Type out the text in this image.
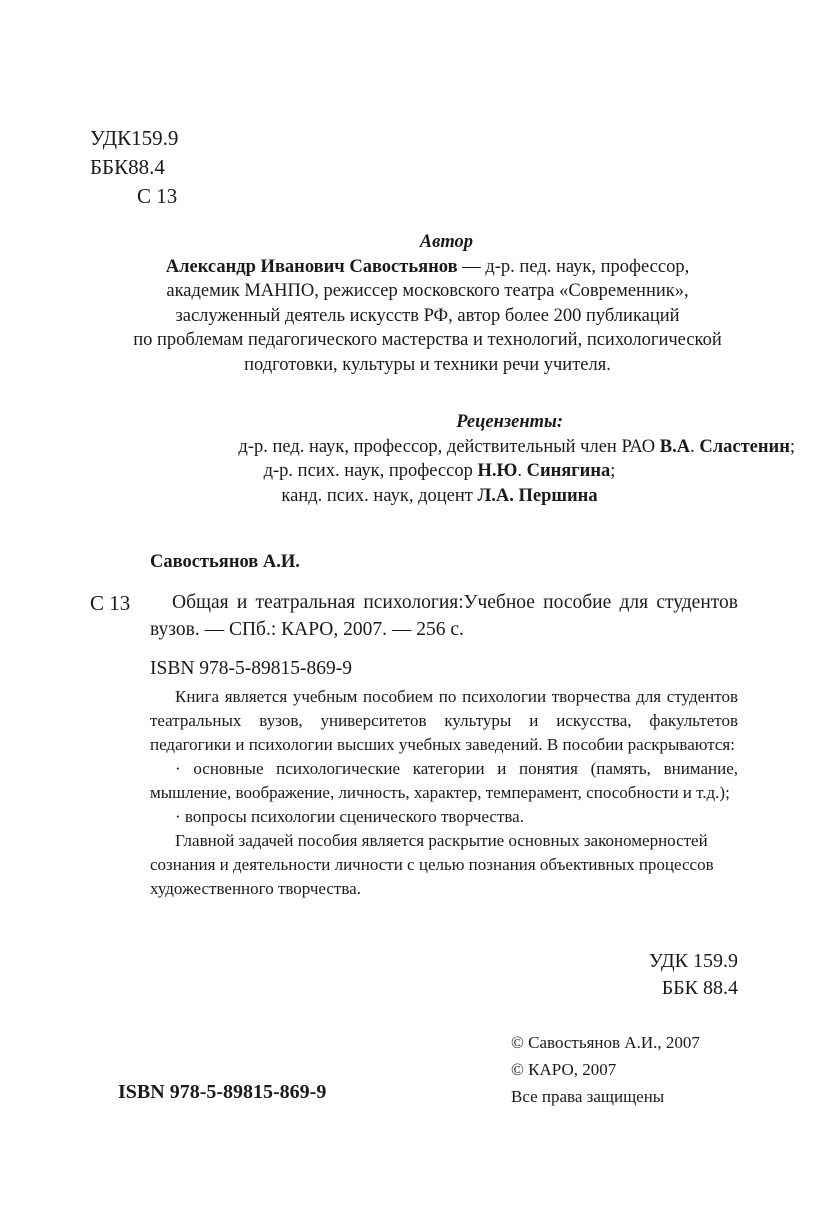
УДК159.9
ББК88.4
С 13
Автор
Александр Иванович Савостьянов — д-р. пед. наук, профессор,
академик МАНПО, режиссер московского театра «Современник»,
заслуженный деятель искусств РФ, автор более 200 публикаций
по проблемам педагогического мастерства и технологий, психологической
подготовки, культуры и техники речи учителя.
Рецензенты:
д-р. пед. наук, профессор, действительный член РАО В.А. Сластенин;
д-р. псих. наук, профессор Н.Ю. Синягина;
канд. псих. наук, доцент Л.А. Першина
Савостьянов А.И.
С 13	Общая и театральная психология:Учебное пособие для студентов вузов. — СПб.: КАРО, 2007. — 256 с.

ISBN 978-5-89815-869-9

Книга является учебным пособием по психологии творчества для студентов театральных вузов, университетов культуры и искусства, факультетов педагогики и психологии высших учебных заведений. В пособии раскрываются:

· основные психологические категории и понятия (память, внимание, мышление, воображение, личность, характер, темперамент, способности и т.д.);

· вопросы психологии сценического творчества.

Главной задачей пособия является раскрытие основных закономерностей сознания и деятельности личности с целью познания объективных процессов художественного творчества.

УДК 159.9
ББК 88.4
© Савостьянов А.И., 2007
© КАРО, 2007
Все права защищены
ISBN 978-5-89815-869-9
